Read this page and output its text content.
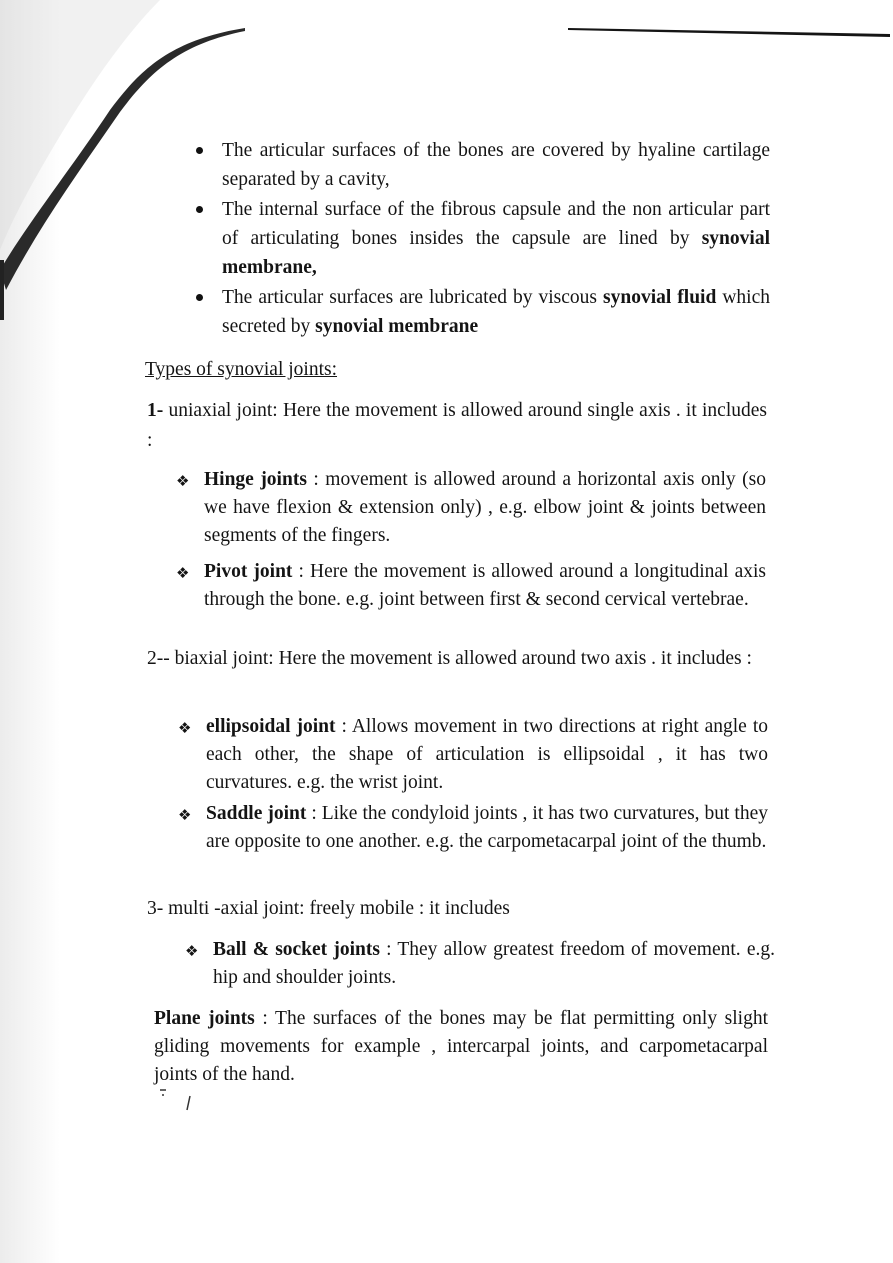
The articular surfaces of the bones are covered by hyaline cartilage separated by a cavity,
The internal surface of the fibrous capsule and the non articular part of articulating bones insides the capsule are lined by synovial membrane,
The articular surfaces are lubricated by viscous synovial fluid which secreted by synovial membrane
Types of synovial joints:
1- uniaxial joint: Here the movement is allowed around single axis . it includes :
❖ Hinge joints : movement is allowed around a horizontal axis only (so we have flexion & extension only) , e.g. elbow joint & joints between segments of the fingers.
❖ Pivot joint : Here the movement is allowed around a longitudinal axis through the bone. e.g. joint between first & second cervical vertebrae.
2-- biaxial joint: Here the movement is allowed around two axis . it includes :
❖ ellipsoidal joint : Allows movement in two directions at right angle to each other, the shape of articulation is ellipsoidal , it has two curvatures. e.g. the wrist joint.
❖ Saddle joint : Like the condyloid joints , it has two curvatures, but they are opposite to one another. e.g. the carpometacarpal joint of the thumb.
3- multi -axial joint: freely mobile : it includes
❖ Ball & socket joints : They allow greatest freedom of movement. e.g. hip and shoulder joints.
Plane joints : The surfaces of the bones may be flat permitting only slight gliding movements for example , intercarpal joints, and carpometacarpal joints of the hand.
